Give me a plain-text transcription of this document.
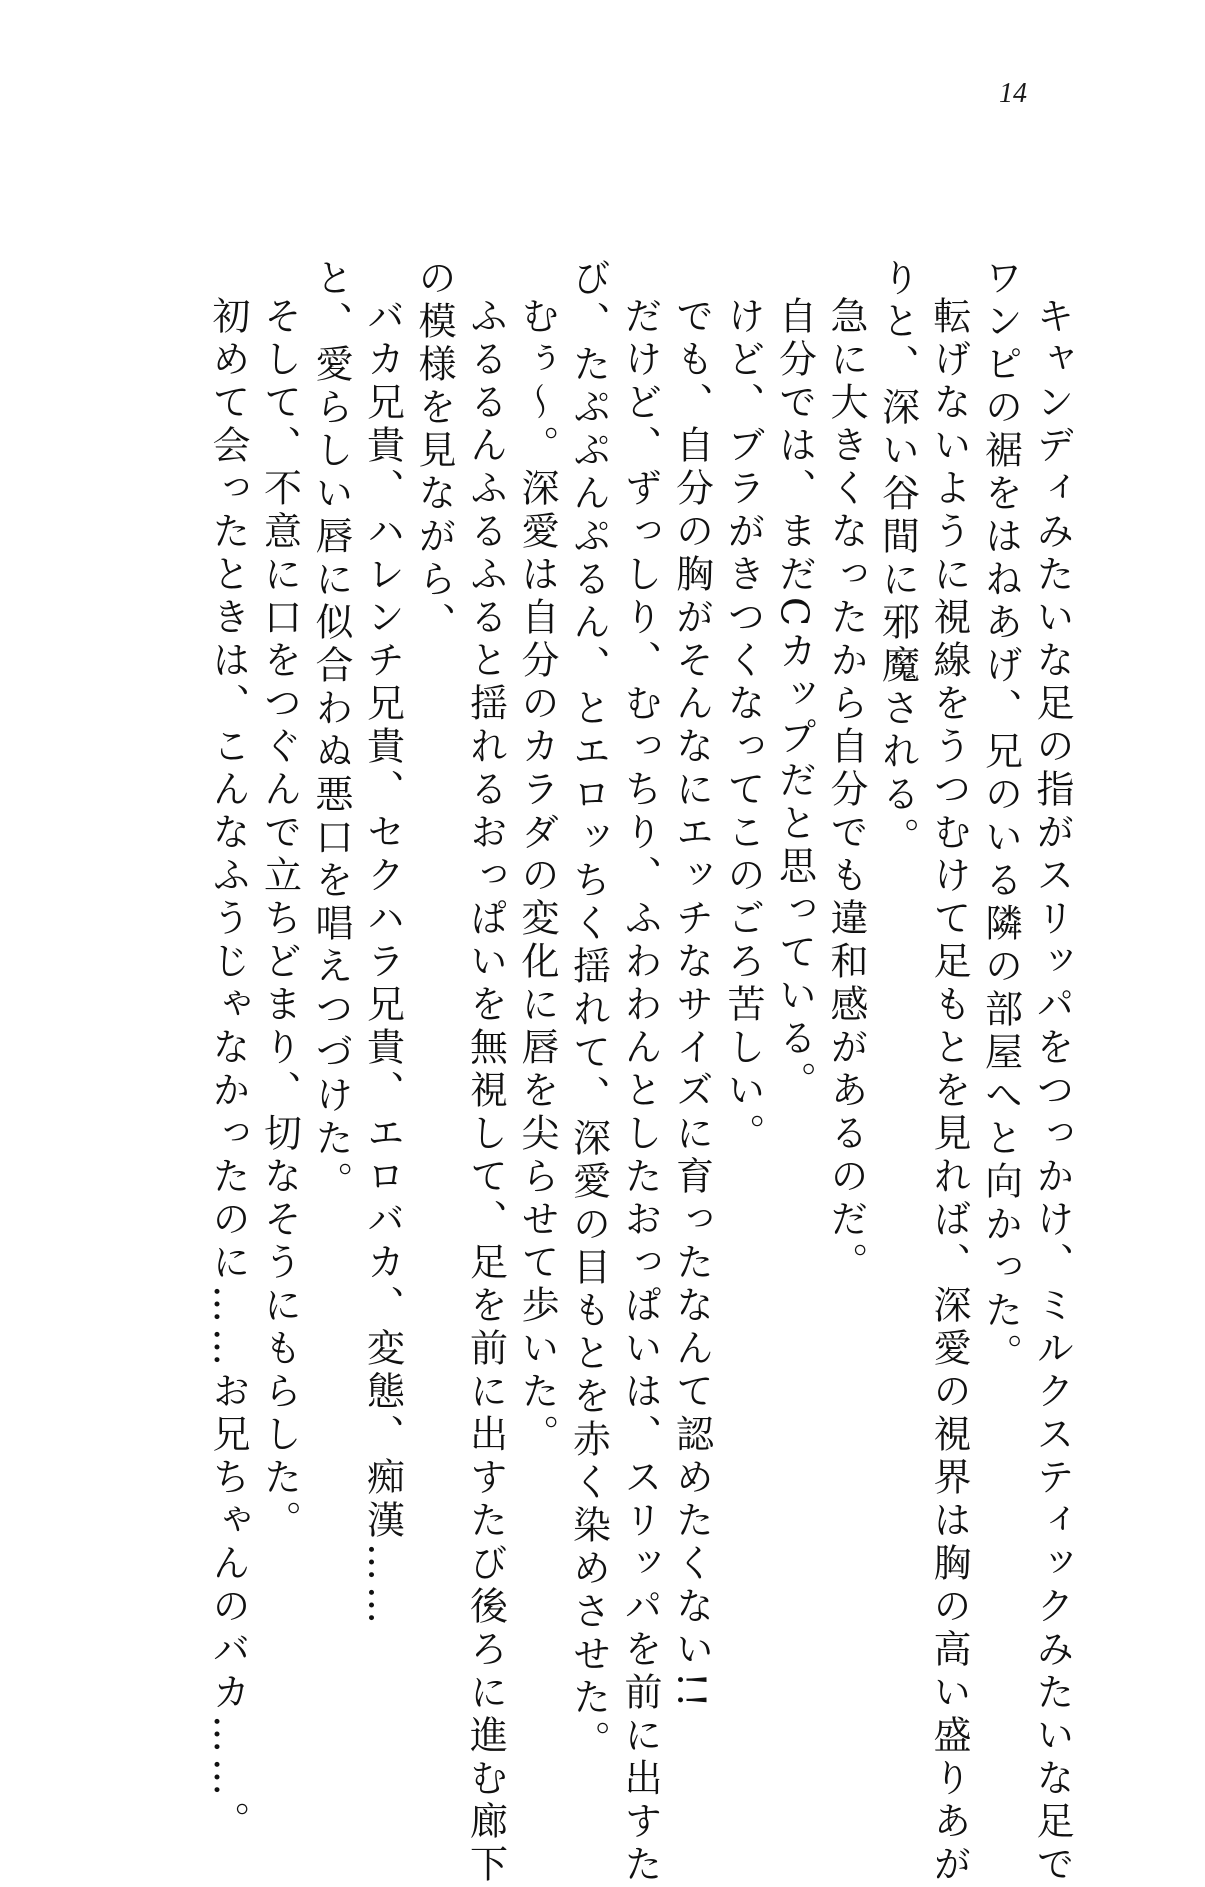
14
キャンディみたいな足の指がスリッパをつっかけ、ミルクスティックみたいな足で
ワンピの裾をはねあげ、兄のいる隣の部屋へと向かった。
転げないように視線をうつむけて足もとを見れば、深愛の視界は胸の高い盛りあが
りと、深い谷間に邪魔される。
急に大きくなったから自分でも違和感があるのだ。
自分では、まだCカップだと思っている。
けど、ブラがきつくなってこのごろ苦しい。
でも、自分の胸がそんなにエッチなサイズに育ったなんて認めたくない!!
だけど、ずっしり、むっちり、ふわわんとしたおっぱいは、スリッパを前に出すた
び、たぷぷんぷるん、とエロッちく揺れて、深愛の目もとを赤く染めさせた。
むぅ〜。深愛は自分のカラダの変化に唇を尖らせて歩いた。
ふるるんふるふると揺れるおっぱいを無視して、足を前に出すたび後ろに進む廊下
の模様を見ながら、
バカ兄貴、ハレンチ兄貴、セクハラ兄貴、エロバカ、変態、痴漢……
と、愛らしい唇に似合わぬ悪口を唱えつづけた。
そして、不意に口をつぐんで立ちどまり、切なそうにもらした。
初めて会ったときは、こんなふうじゃなかったのに……お兄ちゃんのバカ……。
